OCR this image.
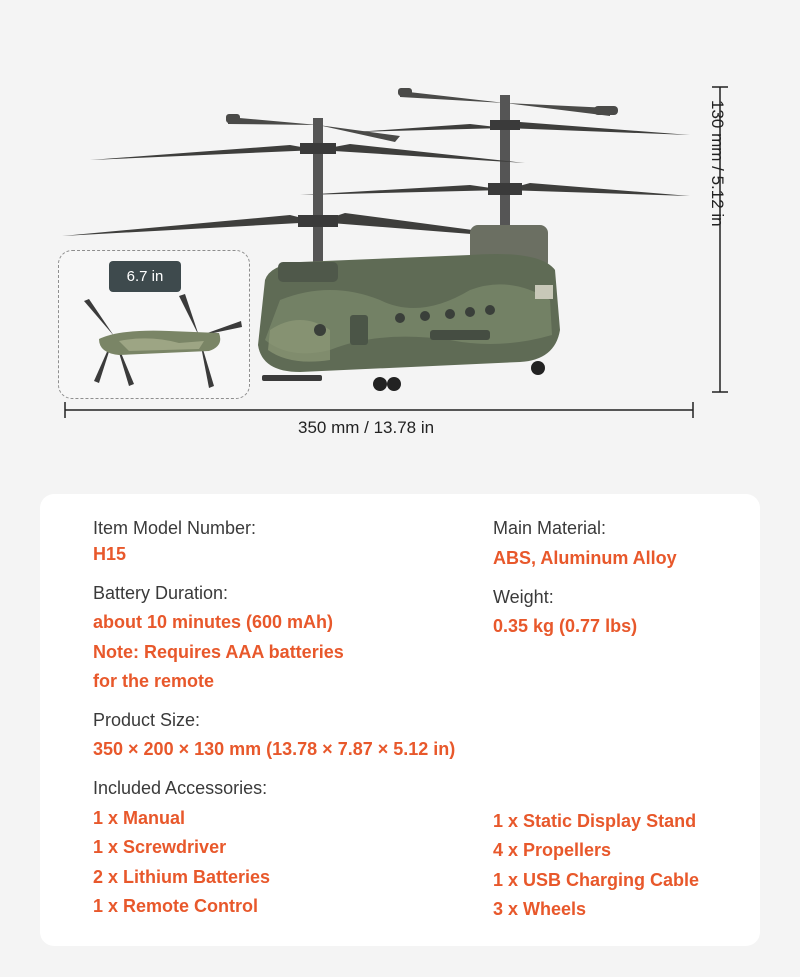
6.7 in
350 mm / 13.78 in
130 mm / 5.12 in
Item Model Number:
H15
Main Material:
ABS, Aluminum Alloy
Battery Duration:
about 10 minutes (600 mAh)
Note: Requires AAA batteries
for the remote
Weight:
0.35 kg (0.77 lbs)
Product Size:
350 × 200 × 130 mm (13.78 × 7.87 × 5.12 in)
Included Accessories:
1 x Manual
1 x Screwdriver
2 x Lithium Batteries
1 x Remote Control
1 x Static Display Stand
4 x Propellers
1 x USB Charging Cable
3 x Wheels
